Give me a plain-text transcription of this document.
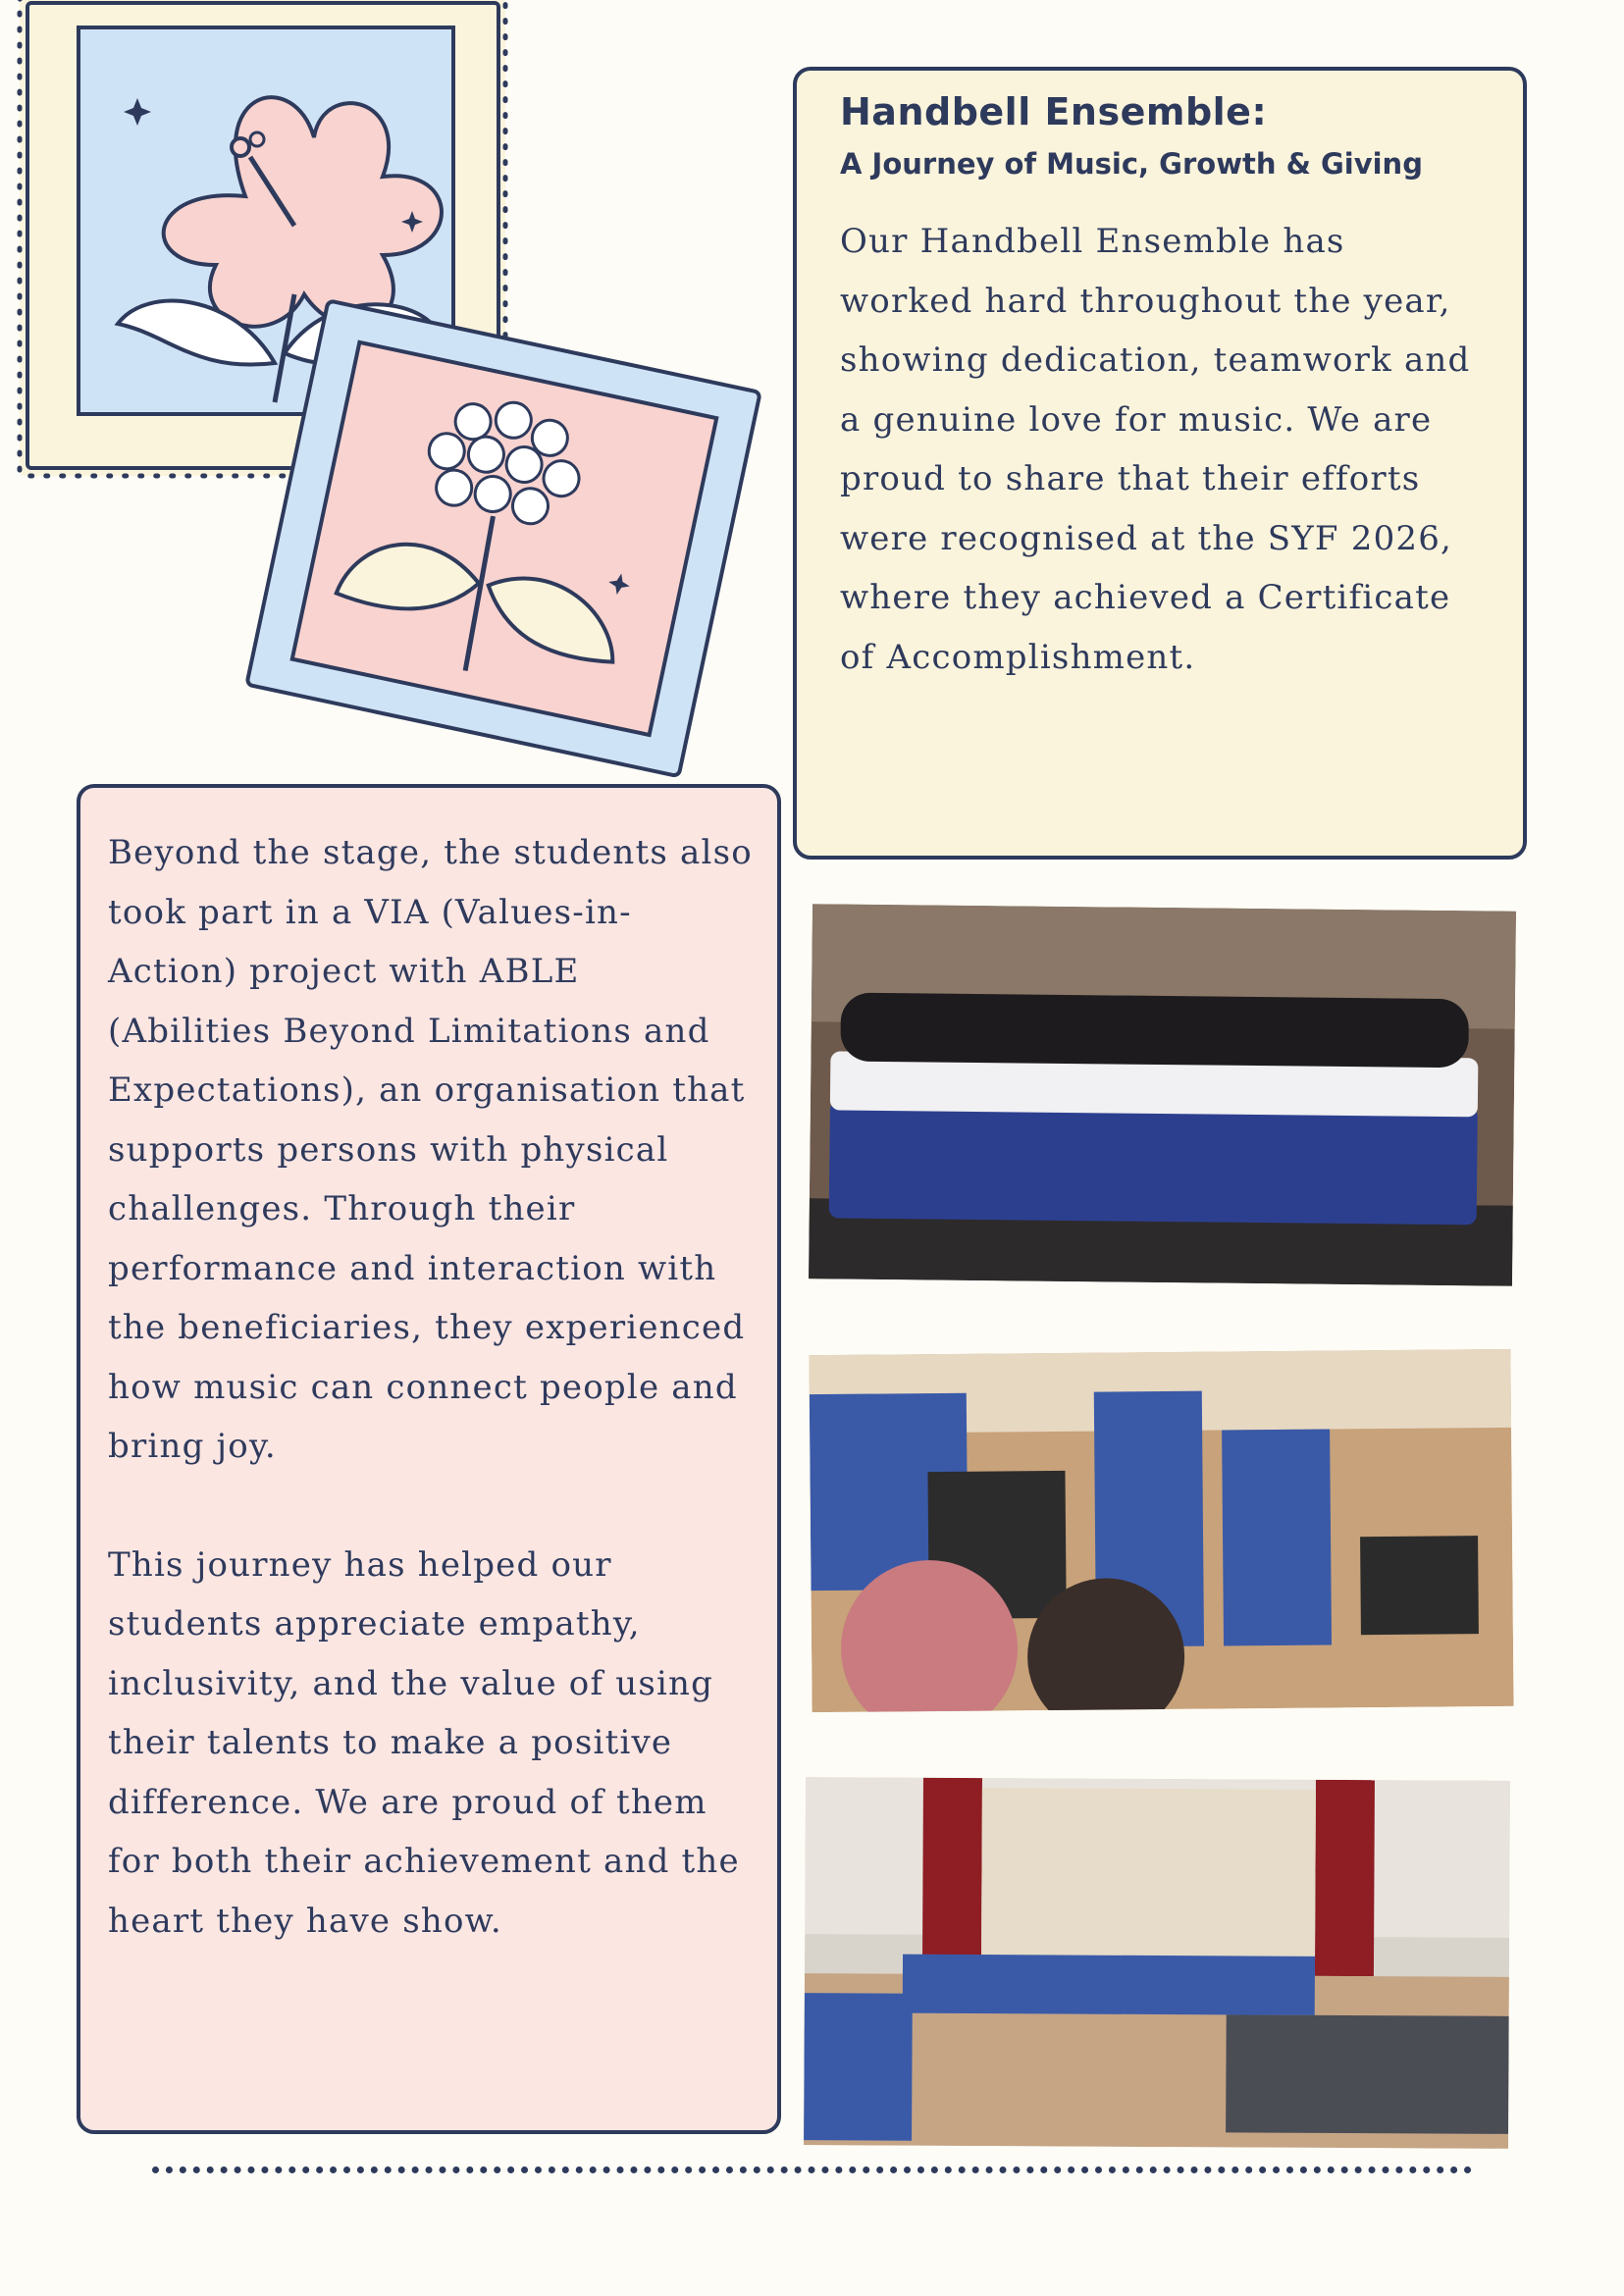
Handbell Ensemble:
A Journey of Music, Growth & Giving

Our Handbell Ensemble has worked hard throughout the year, showing dedication, teamwork and a genuine love for music. We are proud to share that their efforts were recognised at the SYF 2026, where they achieved a Certificate of Accomplishment.

Beyond the stage, the students also took part in a VIA (Values-in-Action) project with ABLE (Abilities Beyond Limitations and Expectations), an organisation that supports persons with physical challenges. Through their performance and interaction with the beneficiaries, they experienced how music can connect people and bring joy.

This journey has helped our students appreciate empathy, inclusivity, and the value of using their talents to make a positive difference. We are proud of them for both their achievement and the heart they have show.
